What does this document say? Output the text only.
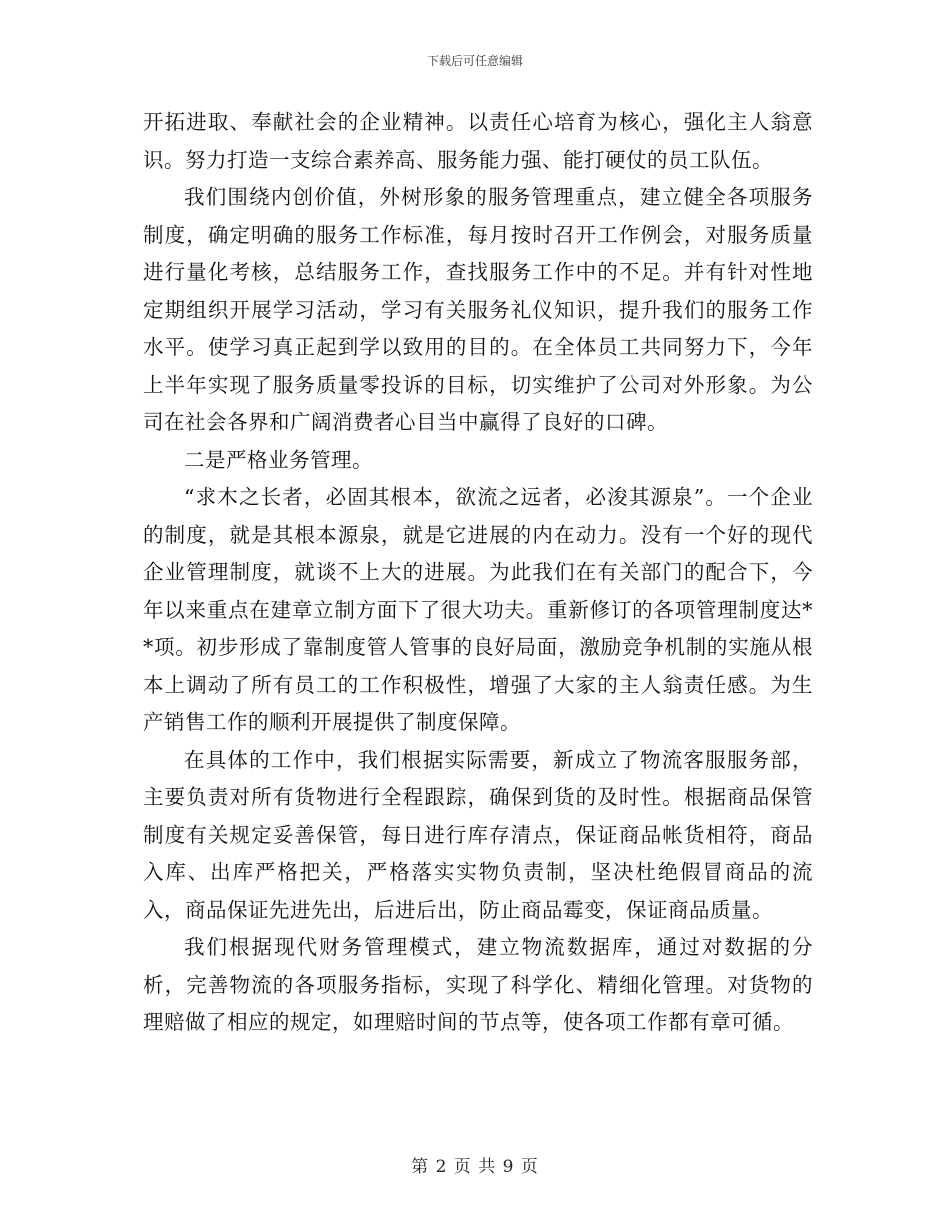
下载后可任意编辑

开拓进取、奉献社会的企业精神。以责任心培育为核心，强化主人翁意识。努力打造一支综合素养高、服务能力强、能打硬仗的员工队伍。

我们围绕内创价值，外树形象的服务管理重点，建立健全各项服务制度，确定明确的服务工作标准，每月按时召开工作例会，对服务质量进行量化考核，总结服务工作，查找服务工作中的不足。并有针对性地定期组织开展学习活动，学习有关服务礼仪知识，提升我们的服务工作水平。使学习真正起到学以致用的目的。在全体员工共同努力下，今年上半年实现了服务质量零投诉的目标，切实维护了公司对外形象。为公司在社会各界和广阔消费者心目当中赢得了良好的口碑。

二是严格业务管理。

“求木之长者，必固其根本，欲流之远者，必浚其源泉”。一个企业的制度，就是其根本源泉，就是它进展的内在动力。没有一个好的现代企业管理制度，就谈不上大的进展。为此我们在有关部门的配合下，今年以来重点在建章立制方面下了很大功夫。重新修订的各项管理制度达**项。初步形成了靠制度管人管事的良好局面，激励竞争机制的实施从根本上调动了所有员工的工作积极性，增强了大家的主人翁责任感。为生产销售工作的顺利开展提供了制度保障。

在具体的工作中，我们根据实际需要，新成立了物流客服服务部，主要负责对所有货物进行全程跟踪，确保到货的及时性。根据商品保管制度有关规定妥善保管，每日进行库存清点，保证商品帐货相符，商品入库、出库严格把关，严格落实实物负责制，坚决杜绝假冒商品的流入，商品保证先进先出，后进后出，防止商品霉变，保证商品质量。

我们根据现代财务管理模式，建立物流数据库，通过对数据的分析，完善物流的各项服务指标，实现了科学化、精细化管理。对货物的理赔做了相应的规定，如理赔时间的节点等，使各项工作都有章可循。

第 2 页 共 9 页
